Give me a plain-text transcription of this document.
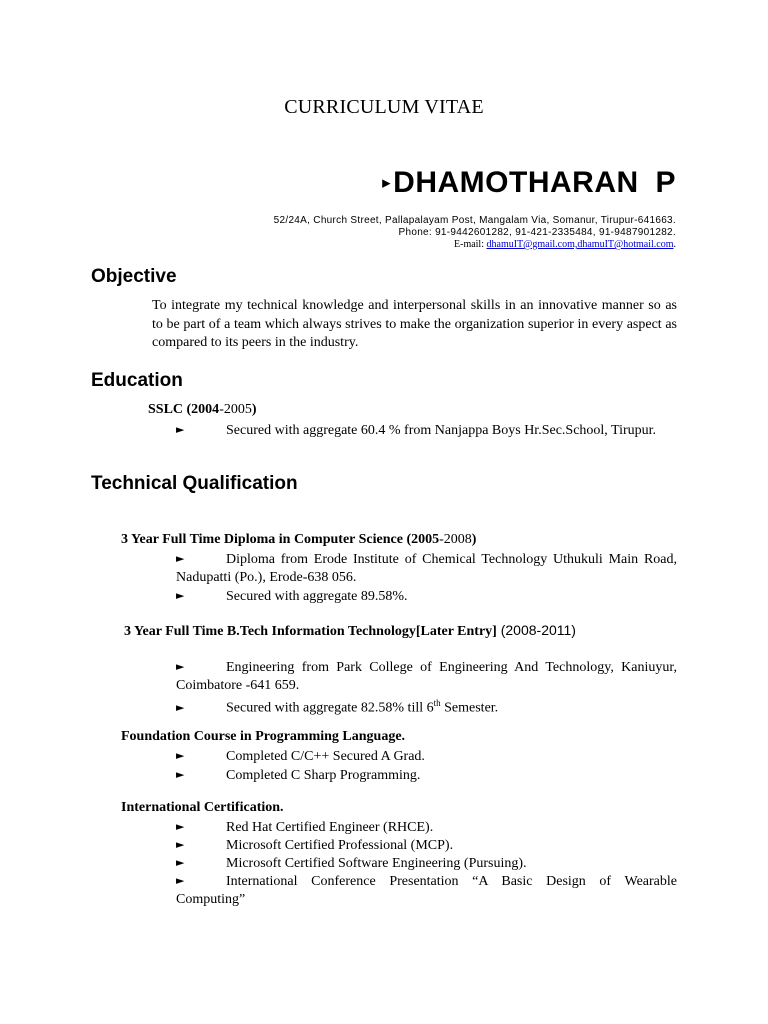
CURRICULUM VITAE
▸DHAMOTHARAN P
52/24A, Church Street, Pallapalayam Post, Mangalam Via, Somanur, Tirupur-641663.
Phone: 91-9442601282, 91-421-2335484, 91-9487901282.
E-mail: dhamuIT@gmail.com,dhamuIT@hotmail.com.
Objective
To integrate my technical knowledge and interpersonal skills in an innovative manner so as to be part of a team which always strives to make the organization superior in every aspect as compared to its peers in the industry.
Education
SSLC (2004-2005)
►	Secured with aggregate 60.4 % from Nanjappa Boys Hr.Sec.School, Tirupur.
Technical Qualification
3 Year Full Time Diploma in Computer Science (2005-2008)
►	Diploma from Erode Institute of Chemical Technology Uthukuli Main Road, Nadupatti (Po.), Erode-638 056.
►	Secured with aggregate 89.58%.
3 Year Full Time B.Tech Information Technology[Later Entry] (2008-2011)
►	Engineering from Park College of Engineering And Technology, Kaniuyur, Coimbatore -641 659.
►	Secured with aggregate 82.58% till 6th Semester.
Foundation Course in Programming Language.
►	Completed C/C++ Secured A Grad.
►	Completed C Sharp Programming.
International Certification.
►	Red Hat Certified Engineer (RHCE).
►	Microsoft Certified Professional (MCP).
►	Microsoft Certified Software Engineering (Pursuing).
►	International Conference Presentation “A Basic Design of Wearable Computing”
